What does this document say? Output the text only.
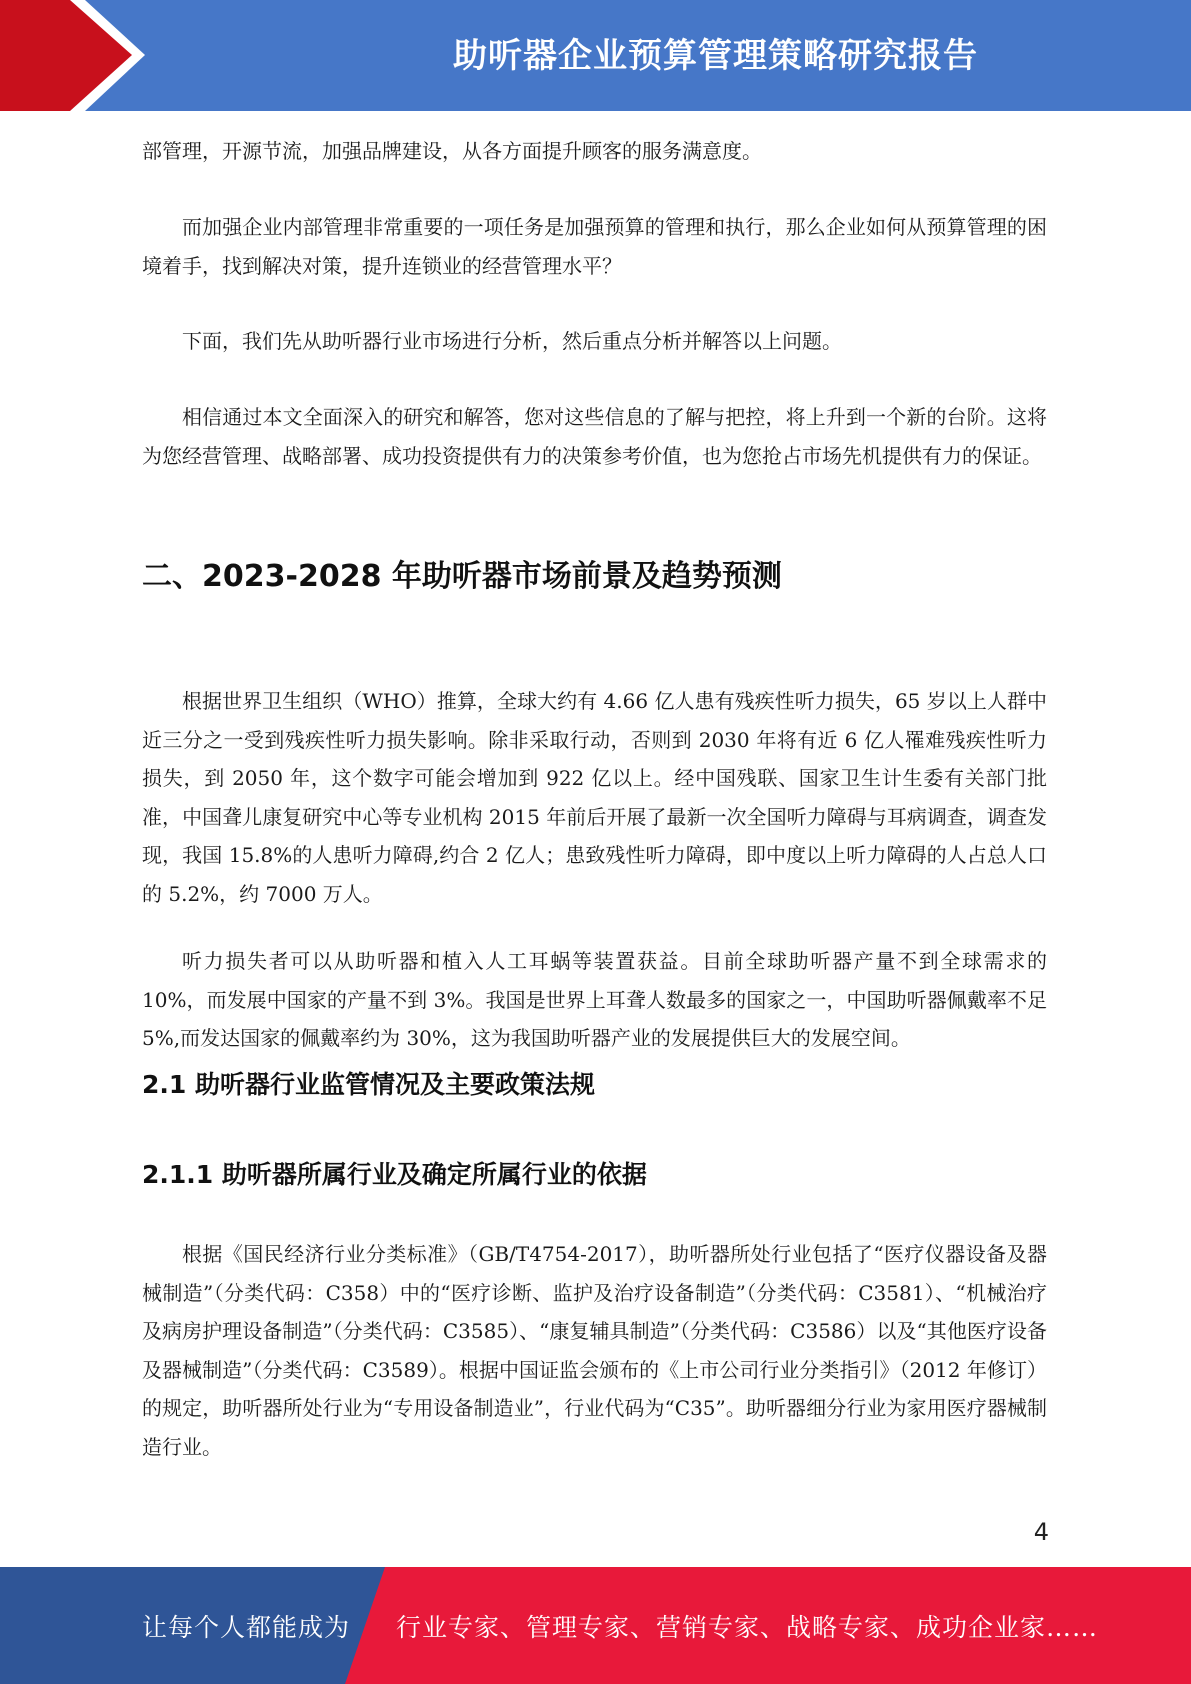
助听器企业预算管理策略研究报告

部管理，开源节流，加强品牌建设，从各方面提升顾客的服务满意度。

而加强企业内部管理非常重要的一项任务是加强预算的管理和执行，那么企业如何从预算管理的困境着手，找到解决对策，提升连锁业的经营管理水平？

下面，我们先从助听器行业市场进行分析，然后重点分析并解答以上问题。

相信通过本文全面深入的研究和解答，您对这些信息的了解与把控，将上升到一个新的台阶。这将为您经营管理、战略部署、成功投资提供有力的决策参考价值，也为您抢占市场先机提供有力的保证。

二、2023-2028 年助听器市场前景及趋势预测

根据世界卫生组织（WHO）推算，全球大约有 4.66 亿人患有残疾性听力损失，65 岁以上人群中近三分之一受到残疾性听力损失影响。除非采取行动，否则到 2030 年将有近 6 亿人罹难残疾性听力损失，到 2050 年，这个数字可能会增加到 922 亿以上。经中国残联、国家卫生计生委有关部门批准，中国聋儿康复研究中心等专业机构 2015 年前后开展了最新一次全国听力障碍与耳病调查，调查发现，我国 15.8%的人患听力障碍,约合 2 亿人；患致残性听力障碍，即中度以上听力障碍的人占总人口的 5.2%，约 7000 万人。

听力损失者可以从助听器和植入人工耳蜗等装置获益。目前全球助听器产量不到全球需求的 10%，而发展中国家的产量不到 3%。我国是世界上耳聋人数最多的国家之一，中国助听器佩戴率不足 5%,而发达国家的佩戴率约为 30%，这为我国助听器产业的发展提供巨大的发展空间。

2.1 助听器行业监管情况及主要政策法规
2.1.1 助听器所属行业及确定所属行业的依据

根据《国民经济行业分类标准》（GB/T4754-2017），助听器所处行业包括了“医疗仪器设备及器械制造”（分类代码：C358）中的“医疗诊断、监护及治疗设备制造”（分类代码：C3581）、“机械治疗及病房护理设备制造”（分类代码：C3585）、“康复辅具制造”（分类代码：C3586）以及“其他医疗设备及器械制造”（分类代码：C3589）。根据中国证监会颁布的《上市公司行业分类指引》（2012 年修订）的规定，助听器所处行业为“专用设备制造业”，行业代码为“C35”。助听器细分行业为家用医疗器械制造行业。

4
让每个人都能成为 行业专家、管理专家、营销专家、战略专家、成功企业家……
